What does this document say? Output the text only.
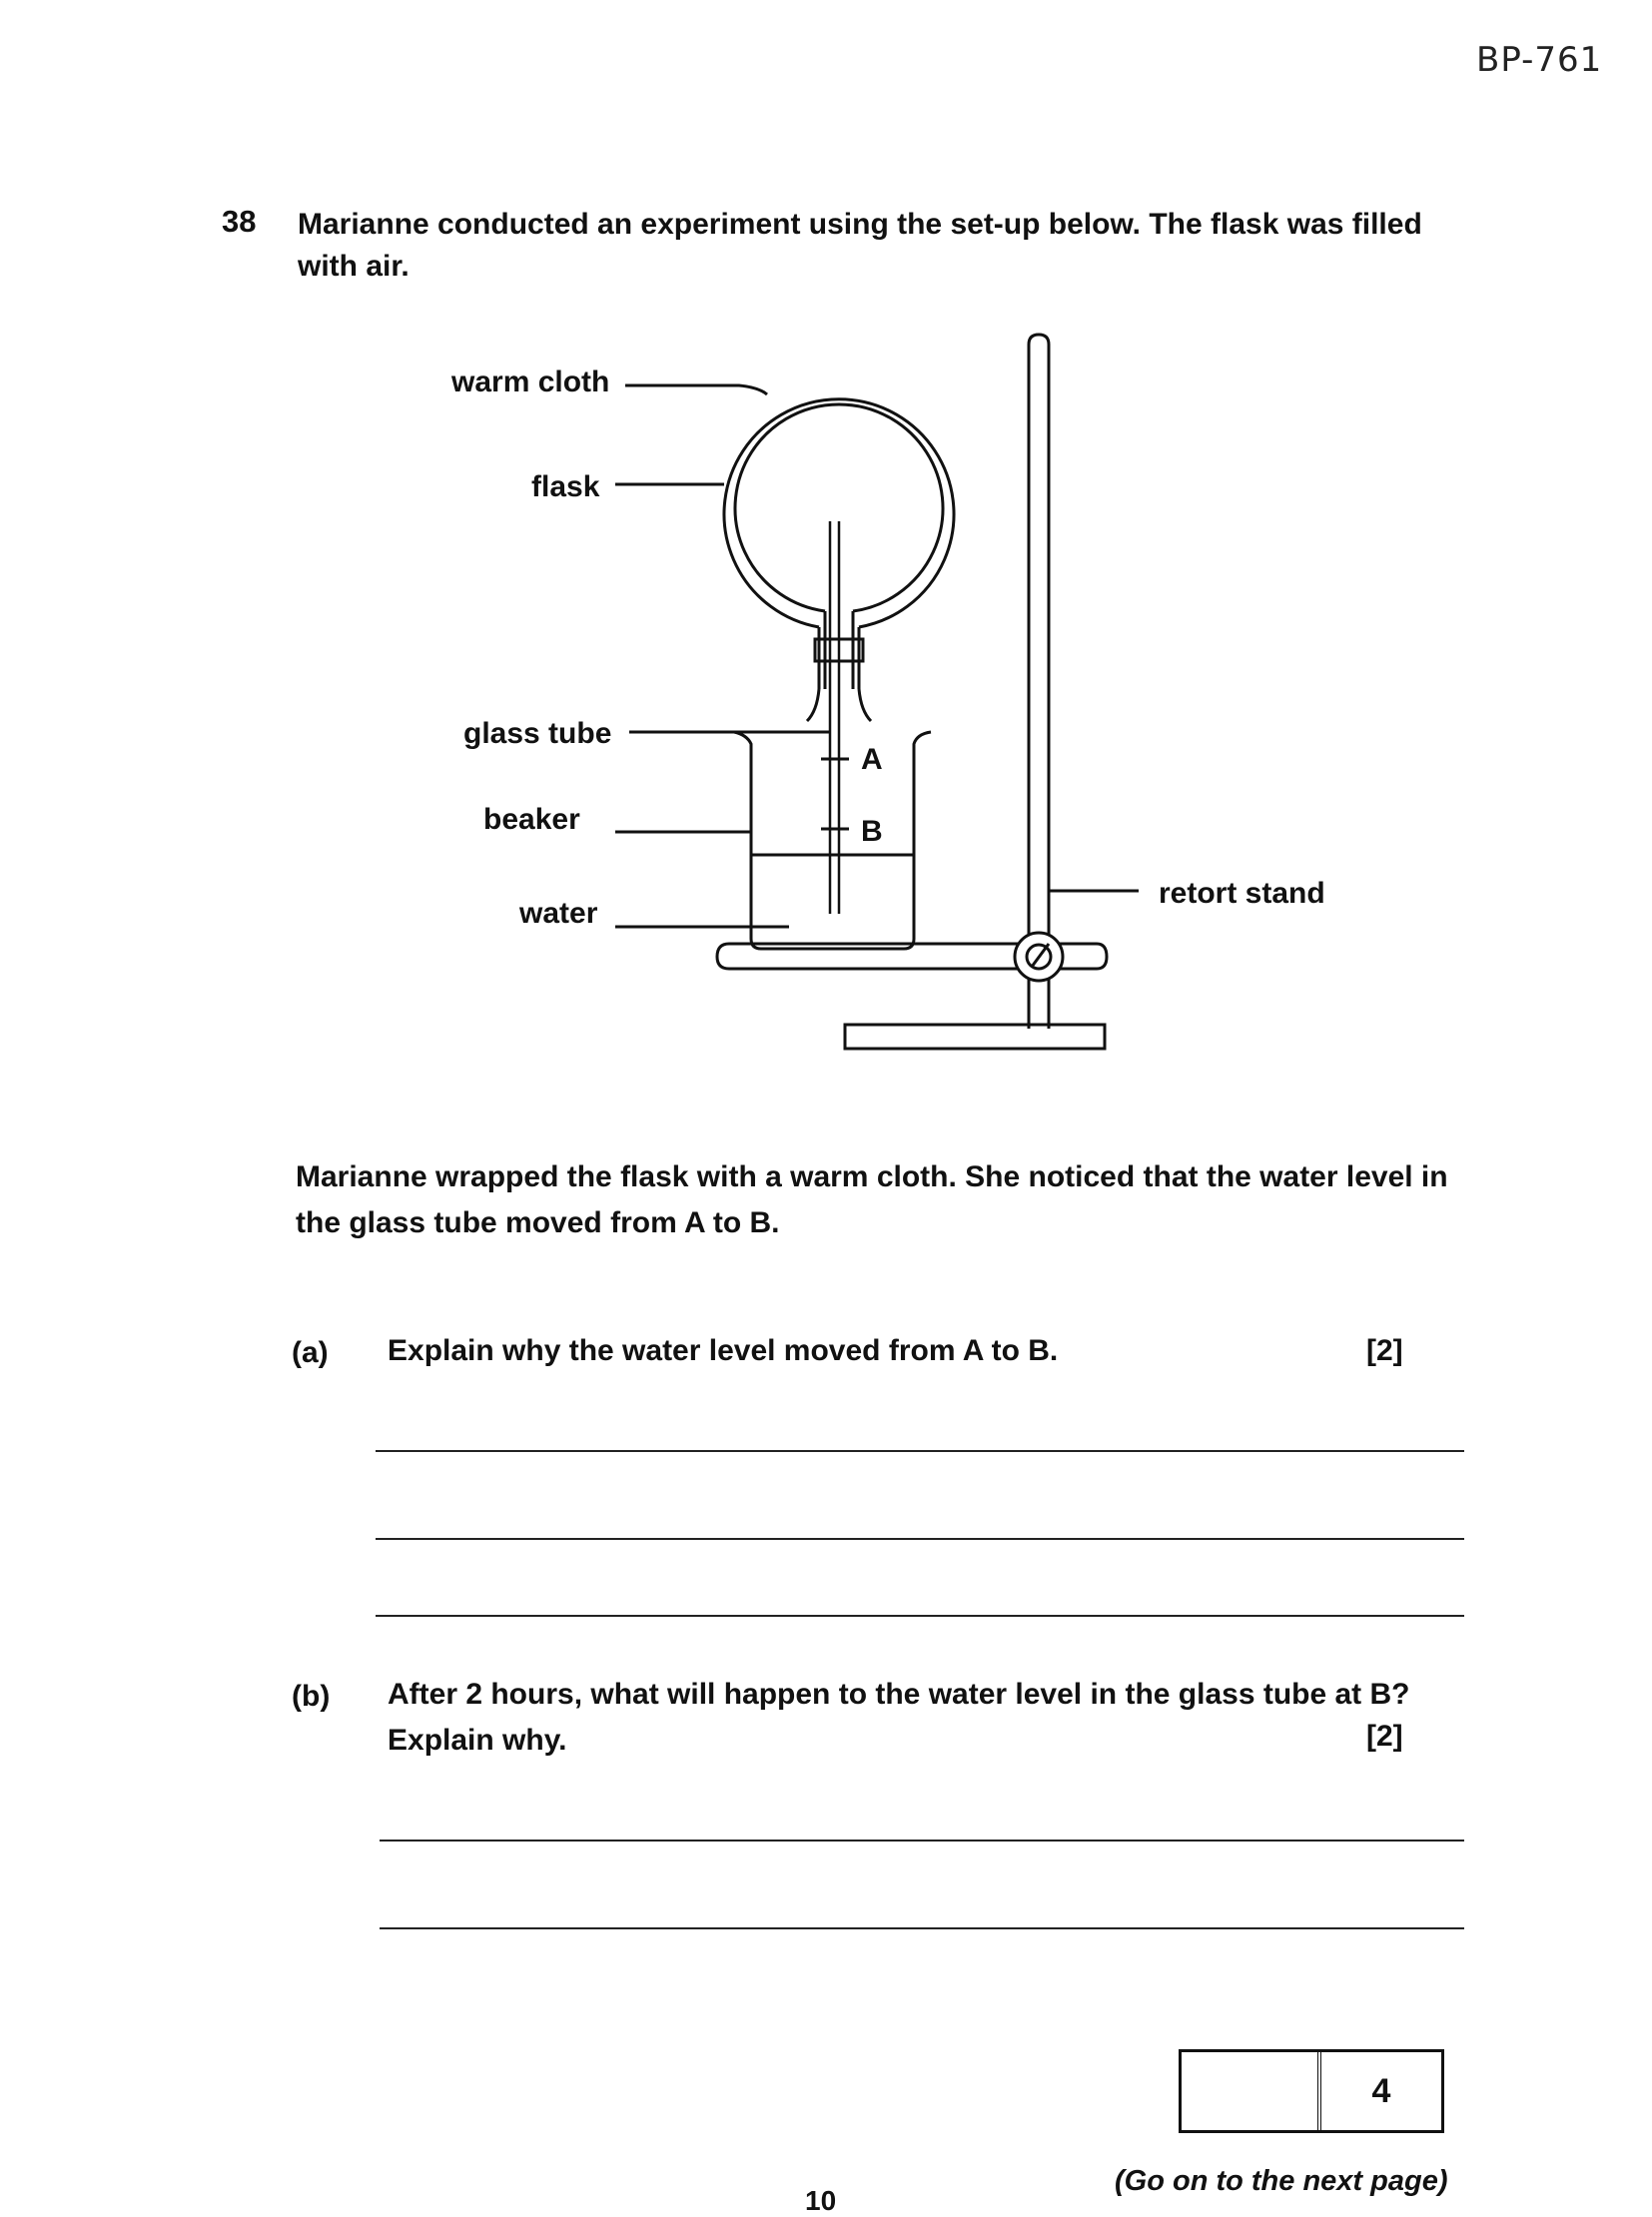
BP-761
38 Marianne conducted an experiment using the set-up below. The flask was filled with air.
warm cloth
flask
glass tube
beaker
water
retort stand
A
B
Marianne wrapped the flask with a warm cloth. She noticed that the water level in the glass tube moved from A to B.
(a) Explain why the water level moved from A to B.	[2]
(b) After 2 hours, what will happen to the water level in the glass tube at B? Explain why.	[2]
4
(Go on to the next page)
10
